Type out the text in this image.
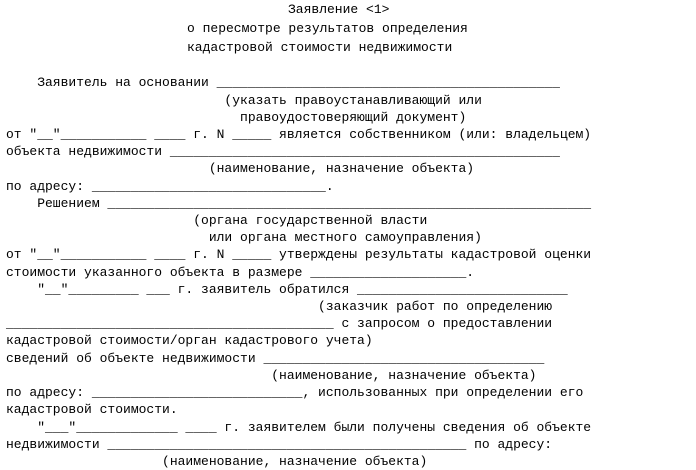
Заявление <1>

о пересмотре результатов определения

кадастровой стоимости недвижимости

Заявитель на основании ____________________________________________

(указать правоустанавливающий или

правоудостоверяющий документ)

от "__"___________ ____ г. N _____ является собственником (или: владельцем)

объекта недвижимости __________________________________________________

(наименование, назначение объекта)

по адресу: ______________________________.

Решением ______________________________________________________________

(органа государственной власти

или органа местного самоуправления)

от "__"___________ ____ г. N _____ утверждены результаты кадастровой оценки

стоимости указанного объекта в размере ____________________.

"__"_________ ___ г. заявитель обратился ___________________________

(заказчик работ по определению

__________________________________________ с запросом о предоставлении

кадастровой стоимости/орган кадастрового учета)

сведений об объекте недвижимости ____________________________________

(наименование, назначение объекта)

по адресу: ___________________________, использованных при определении его

кадастровой стоимости.

"___"_____________ ____ г. заявителем были получены сведения об объекте

недвижимости ______________________________________________ по адресу:

(наименование, назначение объекта)
